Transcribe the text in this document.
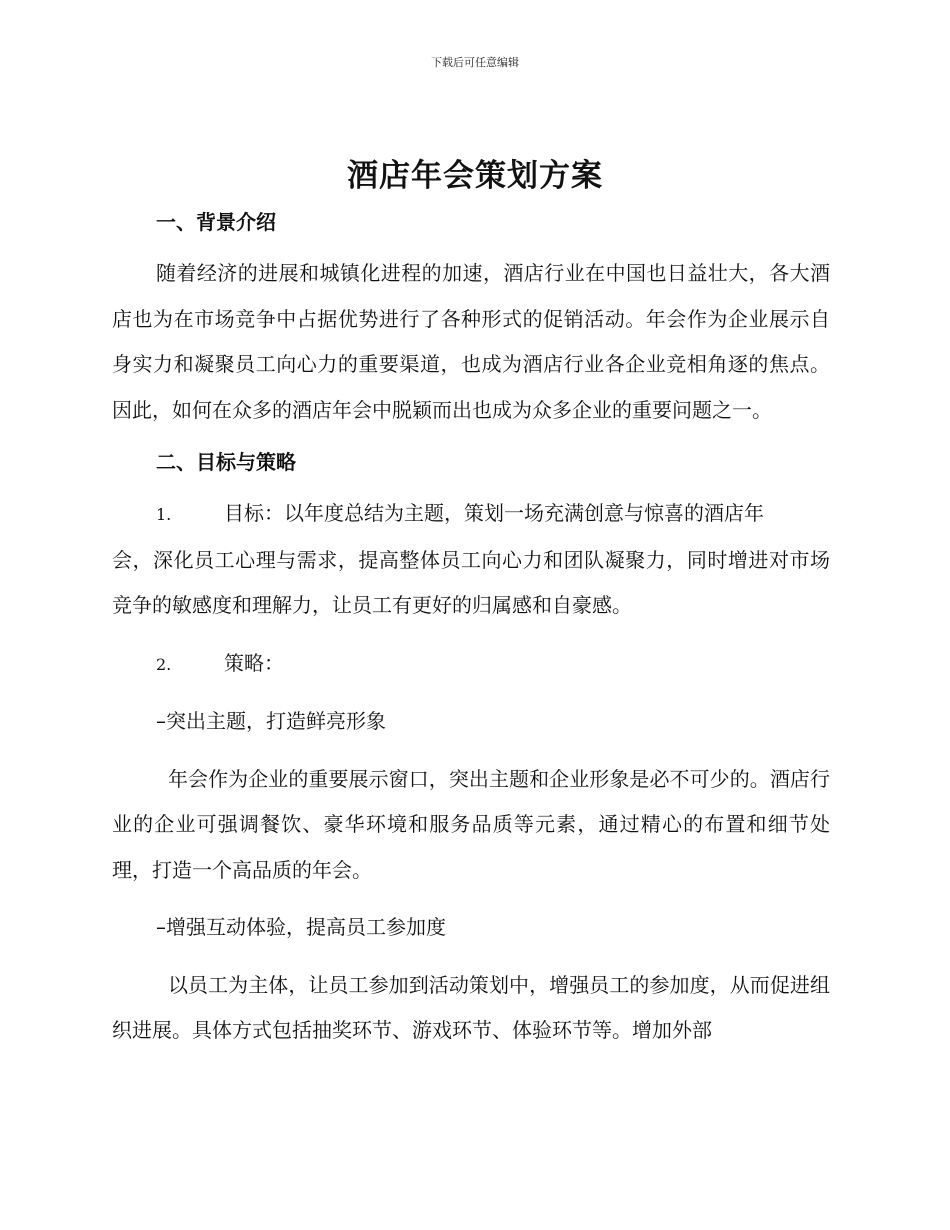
下载后可任意编辑
酒店年会策划方案

一、背景介绍

随着经济的进展和城镇化进程的加速，酒店行业在中国也日益壮大，各大酒店也为在市场竞争中占据优势进行了各种形式的促销活动。年会作为企业展示自身实力和凝聚员工向心力的重要渠道，也成为酒店行业各企业竞相角逐的焦点。因此，如何在众多的酒店年会中脱颖而出也成为众多企业的重要问题之一。

二、目标与策略

1.	目标：以年度总结为主题，策划一场充满创意与惊喜的酒店年

会，深化员工心理与需求，提高整体员工向心力和团队凝聚力，同时增进对市场竞争的敏感度和理解力，让员工有更好的归属感和自豪感。

2.	策略：

–突出主题，打造鲜亮形象

年会作为企业的重要展示窗口，突出主题和企业形象是必不可少的。酒店行业的企业可强调餐饮、豪华环境和服务品质等元素，通过精心的布置和细节处理，打造一个高品质的年会。

–增强互动体验，提高员工参加度

以员工为主体，让员工参加到活动策划中，增强员工的参加度，从而促进组织进展。具体方式包括抽奖环节、游戏环节、体验环节等。增加外部
